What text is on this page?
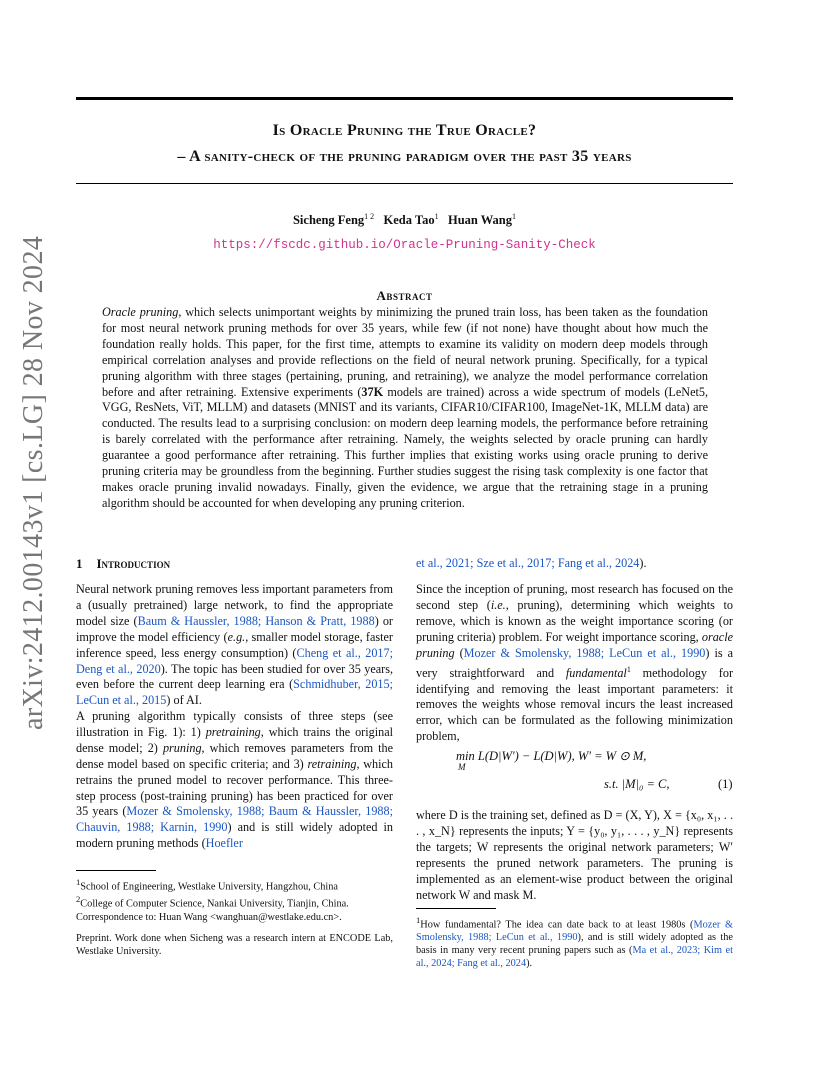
arXiv:2412.00143v1 [cs.LG] 28 Nov 2024
Is Oracle Pruning the True Oracle?
– A sanity-check of the pruning paradigm over the past 35 years
Sicheng Feng$^{1 2}$ Keda Tao$^1$ Huan Wang$^1$
https://fscdc.github.io/Oracle-Pruning-Sanity-Check
Abstract
Oracle pruning, which selects unimportant weights by minimizing the pruned train loss, has been taken as the foundation for most neural network pruning methods for over 35 years, while few (if not none) have thought about how much the foundation really holds. This paper, for the first time, attempts to examine its validity on modern deep models through empirical correlation analyses and provide reflections on the field of neural network pruning. Specifically, for a typical pruning algorithm with three stages (pertaining, pruning, and retraining), we analyze the model performance correlation before and after retraining. Extensive experiments (37K models are trained) across a wide spectrum of models (LeNet5, VGG, ResNets, ViT, MLLM) and datasets (MNIST and its variants, CIFAR10/CIFAR100, ImageNet-1K, MLLM data) are conducted. The results lead to a surprising conclusion: on modern deep learning models, the performance before retraining is barely correlated with the performance after retraining. Namely, the weights selected by oracle pruning can hardly guarantee a good performance after retraining. This further implies that existing works using oracle pruning to derive pruning criteria may be groundless from the beginning. Further studies suggest the rising task complexity is one factor that makes oracle pruning invalid nowadays. Finally, given the evidence, we argue that the retraining stage in a pruning algorithm should be accounted for when developing any pruning criterion.
1 Introduction
Neural network pruning removes less important parameters from a (usually pretrained) large network, to find the appropriate model size (Baum & Haussler, 1988; Hanson & Pratt, 1988) or improve the model efficiency (e.g., smaller model storage, faster inference speed, less energy consumption) (Cheng et al., 2017; Deng et al., 2020). The topic has been studied for over 35 years, even before the current deep learning era (Schmidhuber, 2015; LeCun et al., 2015) of AI.
A pruning algorithm typically consists of three steps (see illustration in Fig. 1): 1) pretraining, which trains the original dense model; 2) pruning, which removes parameters from the dense model based on specific criteria; and 3) retraining, which retrains the pruned model to recover performance. This three-step process (post-training pruning) has been practiced for over 35 years (Mozer & Smolensky, 1988; Baum & Haussler, 1988; Chauvin, 1988; Karnin, 1990) and is still widely adopted in modern pruning methods (Hoefler
$^1$School of Engineering, Westlake University, Hangzhou, China
$^2$College of Computer Science, Nankai University, Tianjin, China.
Correspondence to: Huan Wang <wanghuan@westlake.edu.cn>.
Preprint. Work done when Sicheng was a research intern at ENCODE Lab, Westlake University.
et al., 2021; Sze et al., 2017; Fang et al., 2024).
Since the inception of pruning, most research has focused on the second step (i.e., pruning), determining which weights to remove, which is known as the weight importance scoring (or pruning criteria) problem. For weight importance scoring, oracle pruning (Mozer & Smolensky, 1988; LeCun et al., 1990) is a very straightforward and fundamental$^1$ methodology for identifying and removing the least important parameters: it removes the weights whose removal incurs the least increased error, which can be formulated as the following minimization problem,
min L(D|W′) − L(D|W), W′ = W ⊙ M,
M
s.t. |M|₀ = C,	(1)
where D is the training set, defined as D = (X, Y), X = {x₀, x₁, . . . , x_N} represents the inputs; Y = {y₀, y₁, . . . , y_N} represents the targets; W represents the original network parameters; W′ represents the pruned network parameters. The pruning is implemented as an element-wise product between the original network W and mask M.
$^1$How fundamental? The idea can date back to at least 1980s (Mozer & Smolensky, 1988; LeCun et al., 1990), and is still widely adopted as the basis in many very recent pruning papers such as (Ma et al., 2023; Kim et al., 2024; Fang et al., 2024).
